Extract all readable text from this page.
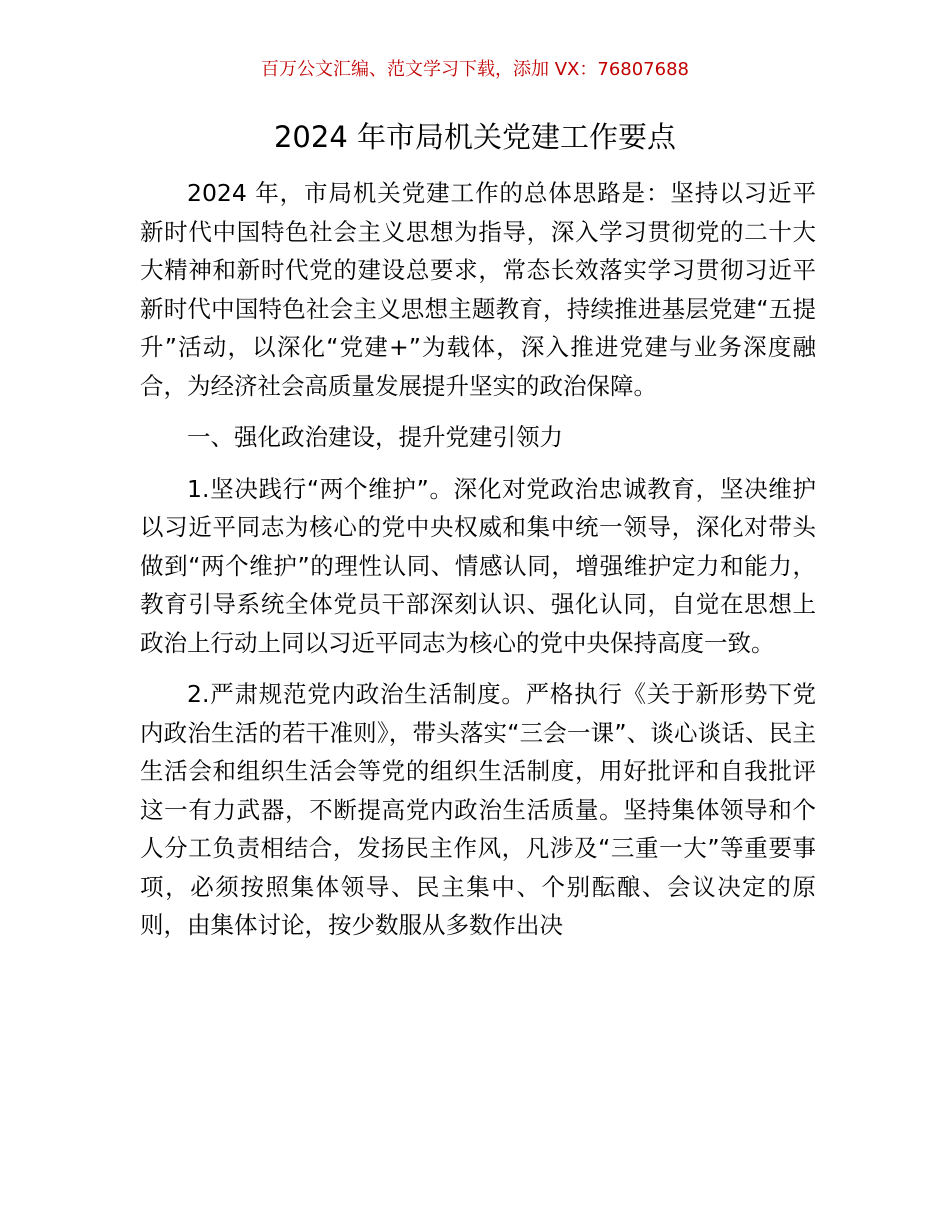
百万公文汇编、范文学习下载，添加 VX：76807688
2024 年市局机关党建工作要点

2024 年，市局机关党建工作的总体思路是：坚持以习近平新时代中国特色社会主义思想为指导，深入学习贯彻党的二十大大精神和新时代党的建设总要求，常态长效落实学习贯彻习近平新时代中国特色社会主义思想主题教育，持续推进基层党建“五提升”活动，以深化“党建+”为载体，深入推进党建与业务深度融合，为经济社会高质量发展提升坚实的政治保障。

一、强化政治建设，提升党建引领力

1.坚决践行“两个维护”。深化对党政治忠诚教育，坚决维护以习近平同志为核心的党中央权威和集中统一领导，深化对带头做到“两个维护”的理性认同、情感认同，增强维护定力和能力，教育引导系统全体党员干部深刻认识、强化认同，自觉在思想上政治上行动上同以习近平同志为核心的党中央保持高度一致。

2.严肃规范党内政治生活制度。严格执行《关于新形势下党内政治生活的若干准则》，带头落实“三会一课”、谈心谈话、民主生活会和组织生活会等党的组织生活制度，用好批评和自我批评这一有力武器，不断提高党内政治生活质量。坚持集体领导和个人分工负责相结合，发扬民主作风，凡涉及“三重一大”等重要事项，必须按照集体领导、民主集中、个别酝酿、会议决定的原则，由集体讨论，按少数服从多数作出决
